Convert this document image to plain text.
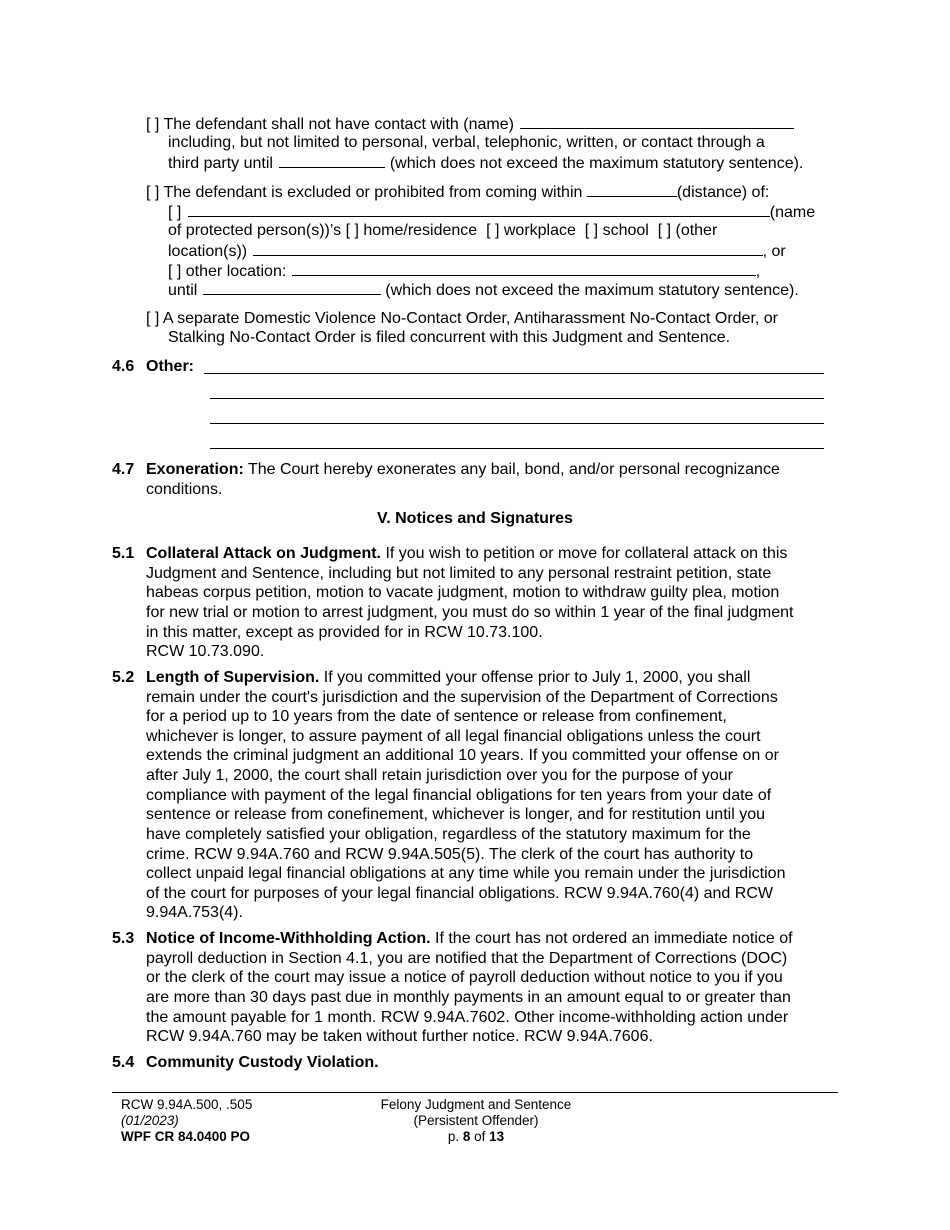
[ ] The defendant shall not have contact with (name)
including, but not limited to personal, verbal, telephonic, written, or contact through a
third party until	(which does not exceed the maximum statutory sentence).
[ ] The defendant is excluded or prohibited from coming within	(distance) of:
[ ]	(name
of protected person(s))’s [ ] home/residence  [ ] workplace  [ ] school  [ ] (other
location(s))	, or
[ ] other location:	,
until	(which does not exceed the maximum statutory sentence).
[ ] A separate Domestic Violence No-Contact Order, Antiharassment No-Contact Order, or
Stalking No-Contact Order is filed concurrent with this Judgment and Sentence.
4.6 Other:
4.7 Exoneration: The Court hereby exonerates any bail, bond, and/or personal recognizance
conditions.
V. Notices and Signatures
5.1 Collateral Attack on Judgment. If you wish to petition or move for collateral attack on this
Judgment and Sentence, including but not limited to any personal restraint petition, state
habeas corpus petition, motion to vacate judgment, motion to withdraw guilty plea, motion
for new trial or motion to arrest judgment, you must do so within 1 year of the final judgment
in this matter, except as provided for in RCW 10.73.100.
RCW 10.73.090.
5.2 Length of Supervision. If you committed your offense prior to July 1, 2000, you shall
remain under the court's jurisdiction and the supervision of the Department of Corrections
for a period up to 10 years from the date of sentence or release from confinement,
whichever is longer, to assure payment of all legal financial obligations unless the court
extends the criminal judgment an additional 10 years. If you committed your offense on or
after July 1, 2000, the court shall retain jurisdiction over you for the purpose of your
compliance with payment of the legal financial obligations for ten years from your date of
sentence or release from conefinement, whichever is longer, and for restitution until you
have completely satisfied your obligation, regardless of the statutory maximum for the
crime. RCW 9.94A.760 and RCW 9.94A.505(5). The clerk of the court has authority to
collect unpaid legal financial obligations at any time while you remain under the jurisdiction
of the court for purposes of your legal financial obligations. RCW 9.94A.760(4) and RCW
9.94A.753(4).
5.3 Notice of Income-Withholding Action. If the court has not ordered an immediate notice of
payroll deduction in Section 4.1, you are notified that the Department of Corrections (DOC)
or the clerk of the court may issue a notice of payroll deduction without notice to you if you
are more than 30 days past due in monthly payments in an amount equal to or greater than
the amount payable for 1 month. RCW 9.94A.7602. Other income-withholding action under
RCW 9.94A.760 may be taken without further notice. RCW 9.94A.7606.
5.4 Community Custody Violation.
RCW 9.94A.500, .505
(01/2023)
WPF CR 84.0400 PO
Felony Judgment and Sentence
(Persistent Offender)
p. 8 of 13
